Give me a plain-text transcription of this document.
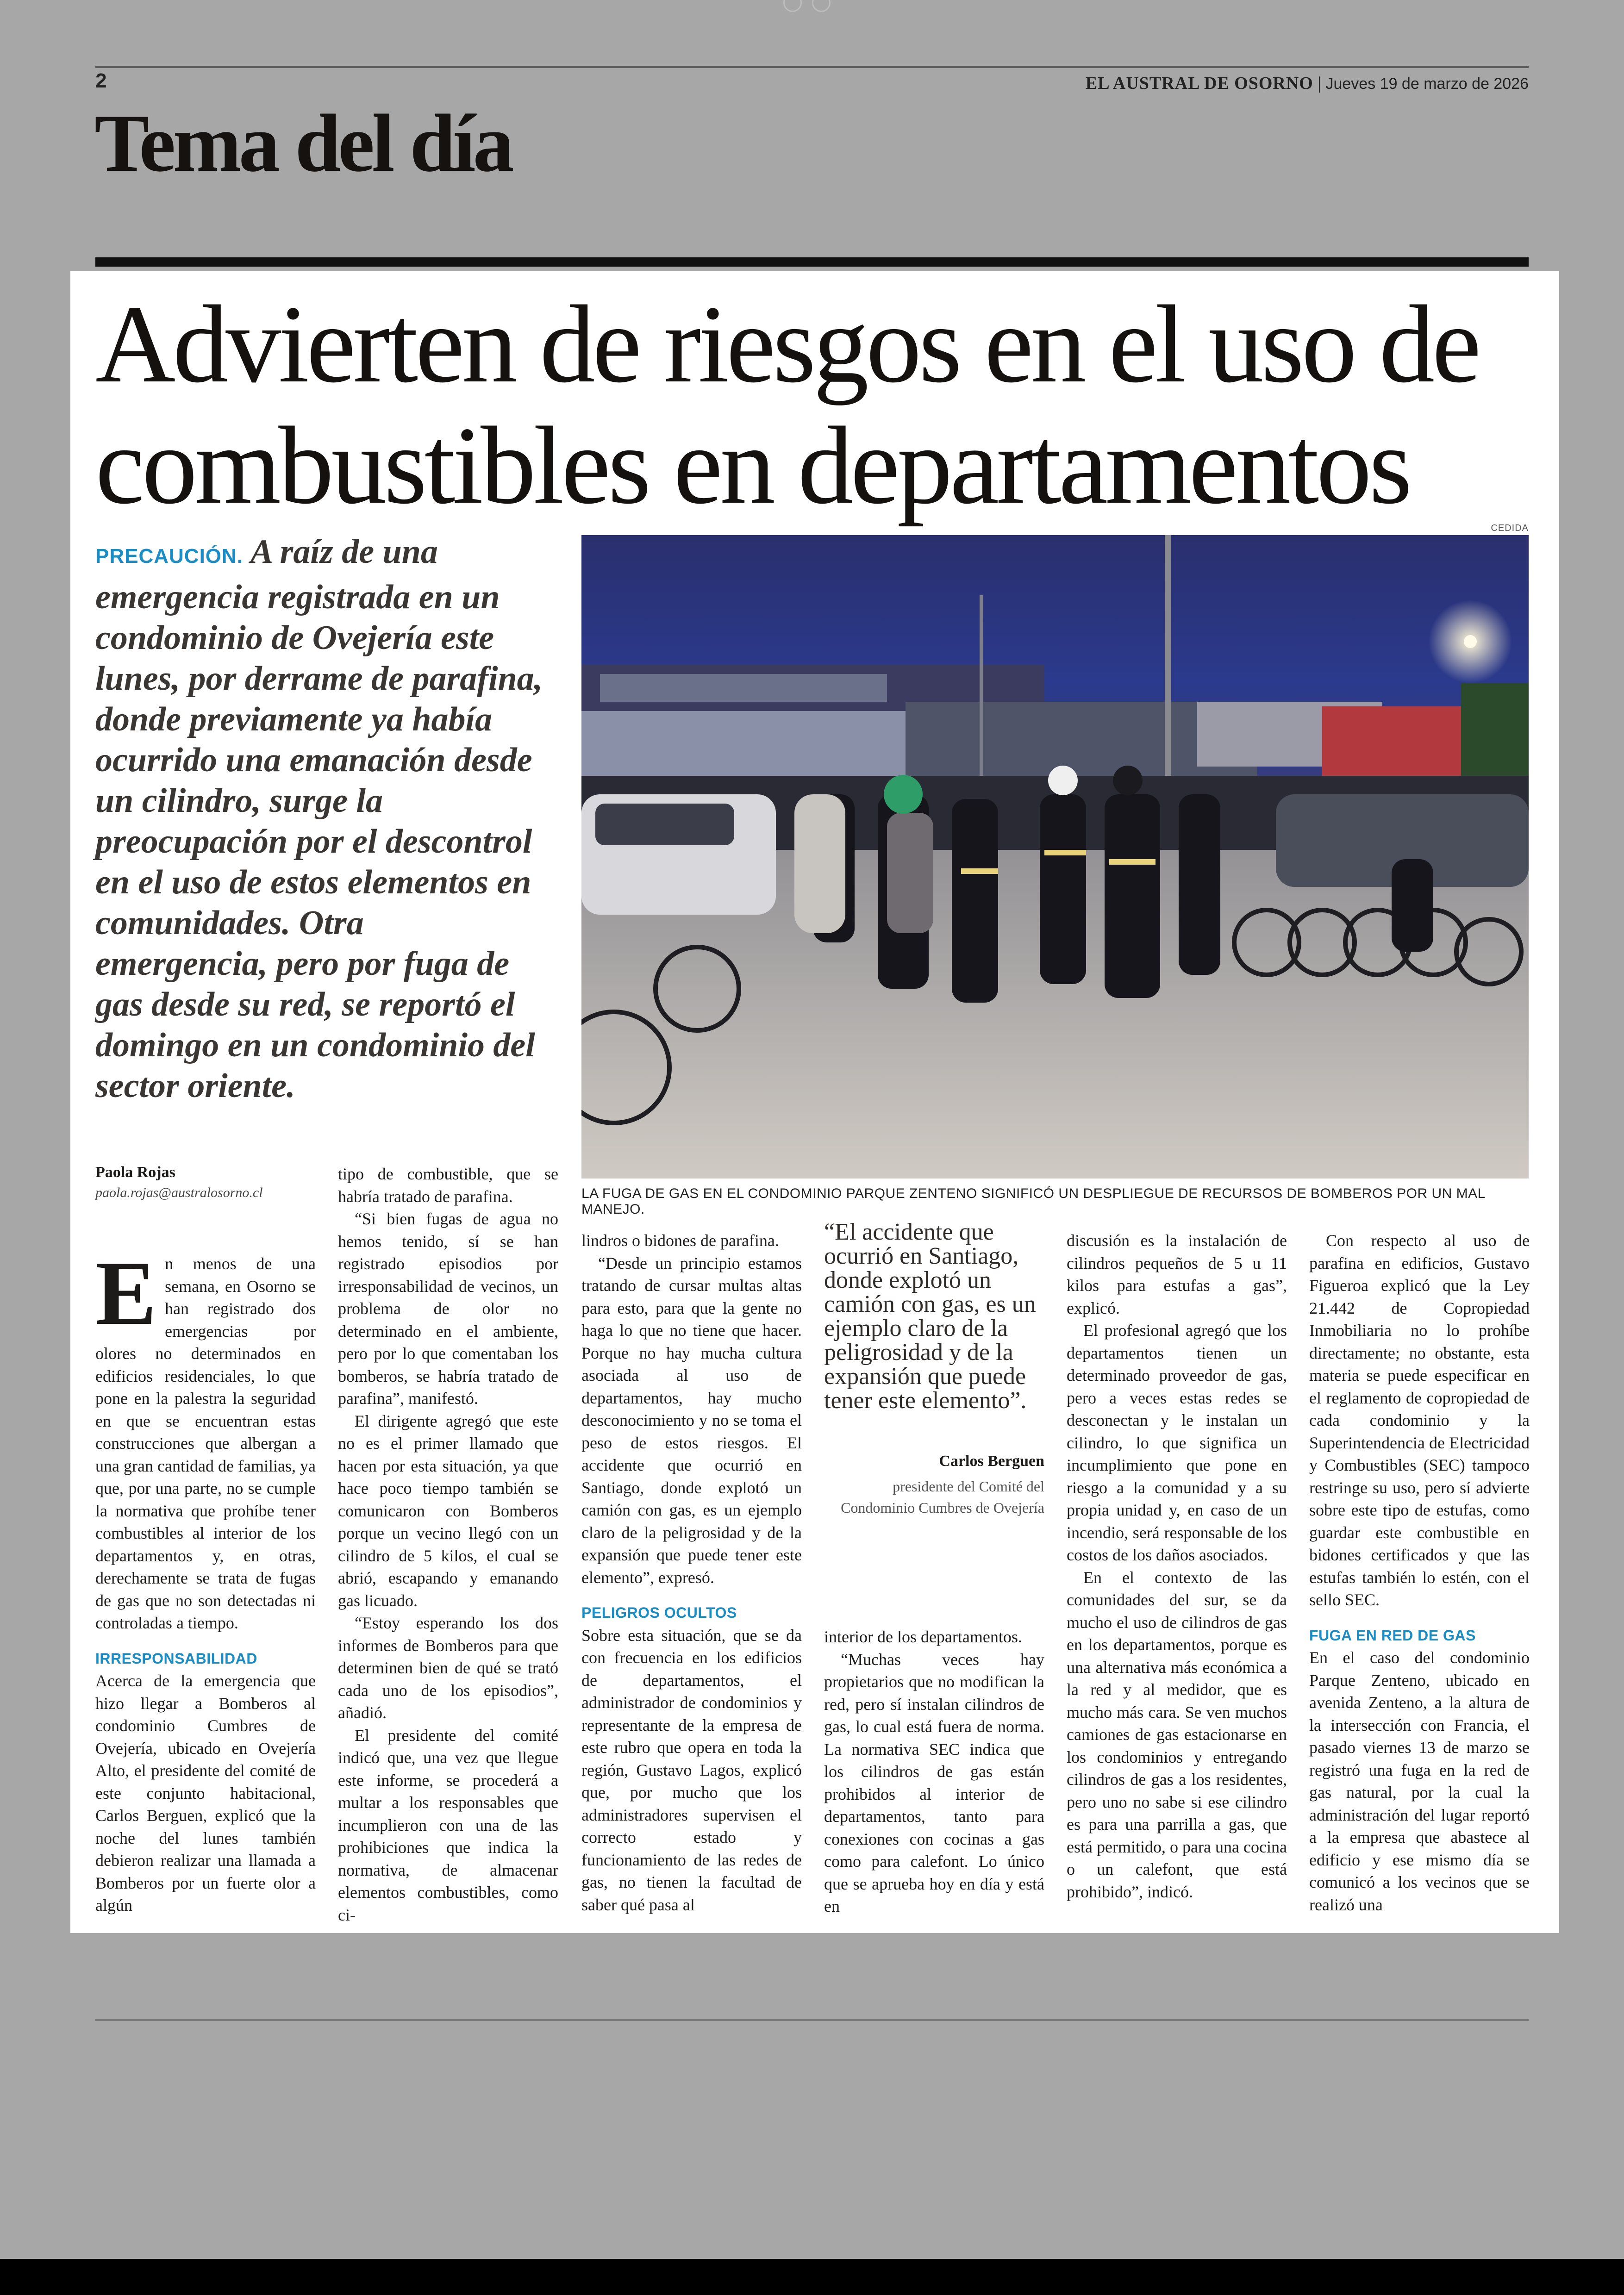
2	EL AUSTRAL DE OSORNO | Jueves 19 de marzo de 2026
Tema del día
Advierten de riesgos en el uso de combustibles en departamentos
PRECAUCIÓN. A raíz de una emergencia registrada en un condominio de Ovejería este lunes, por derrame de parafina, donde previamente ya había ocurrido una emanación desde un cilindro, surge la preocupación por el descontrol en el uso de estos elementos en comunidades. Otra emergencia, pero por fuga de gas desde su red, se reportó el domingo en un condominio del sector oriente.
CEDIDA
LA FUGA DE GAS EN EL CONDOMINIO PARQUE ZENTENO SIGNIFICÓ UN DESPLIEGUE DE RECURSOS DE BOMBEROS POR UN MAL MANEJO.
Paola Rojas
paola.rojas@australosorno.cl

En menos de una semana, en Osorno se han registrado dos emergencias por olores no determinados en edificios residenciales, lo que pone en la palestra la seguridad en que se encuentran estas construcciones que albergan a una gran cantidad de familias, ya que, por una parte, no se cumple la normativa que prohíbe tener combustibles al interior de los departamentos y, en otras, derechamente se trata de fugas de gas que no son detectadas ni controladas a tiempo.

IRRESPONSABILIDAD

Acerca de la emergencia que hizo llegar a Bomberos al condominio Cumbres de Ovejería, ubicado en Ovejería Alto, el presidente del comité de este conjunto habitacional, Carlos Berguen, explicó que la noche del lunes también debieron realizar una llamada a Bomberos por un fuerte olor a algún

tipo de combustible, que se habría tratado de parafina.

“Si bien fugas de agua no hemos tenido, sí se han registrado episodios por irresponsabilidad de vecinos, un problema de olor no determinado en el ambiente, pero por lo que comentaban los bomberos, se habría tratado de parafina”, manifestó.

El dirigente agregó que este no es el primer llamado que hacen por esta situación, ya que hace poco tiempo también se comunicaron con Bomberos porque un vecino llegó con un cilindro de 5 kilos, el cual se abrió, escapando y emanando gas licuado.

“Estoy esperando los dos informes de Bomberos para que determinen bien de qué se trató cada uno de los episodios”, añadió.

El presidente del comité indicó que, una vez que llegue este informe, se procederá a multar a los responsables que incumplieron con una de las prohibiciones que indica la normativa, de almacenar elementos combustibles, como ci-

lindros o bidones de parafina.

“Desde un principio estamos tratando de cursar multas altas para esto, para que la gente no haga lo que no tiene que hacer. Porque no hay mucha cultura asociada al uso de departamentos, hay mucho desconocimiento y no se toma el peso de estos riesgos. El accidente que ocurrió en Santiago, donde explotó un camión con gas, es un ejemplo claro de la peligrosidad y de la expansión que puede tener este elemento”, expresó.

PELIGROS OCULTOS

Sobre esta situación, que se da con frecuencia en los edificios de departamentos, el administrador de condominios y representante de la empresa de este rubro que opera en toda la región, Gustavo Lagos, explicó que, por mucho que los administradores supervisen el correcto estado y funcionamiento de las redes de gas, no tienen la facultad de saber qué pasa al

“El accidente que ocurrió en Santiago, donde explotó un camión con gas, es un ejemplo claro de la peligrosidad y de la expansión que puede tener este elemento”.
Carlos Berguen
presidente del Comité del Condominio Cumbres de Ovejería

interior de los departamentos.

“Muchas veces hay propietarios que no modifican la red, pero sí instalan cilindros de gas, lo cual está fuera de norma. La normativa SEC indica que los cilindros de gas están prohibidos al interior de departamentos, tanto para conexiones con cocinas a gas como para calefont. Lo único que se aprueba hoy en día y está en

discusión es la instalación de cilindros pequeños de 5 u 11 kilos para estufas a gas”, explicó.

El profesional agregó que los departamentos tienen un determinado proveedor de gas, pero a veces estas redes se desconectan y le instalan un cilindro, lo que significa un incumplimiento que pone en riesgo a la comunidad y a su propia unidad y, en caso de un incendio, será responsable de los costos de los daños asociados.

En el contexto de las comunidades del sur, se da mucho el uso de cilindros de gas en los departamentos, porque es una alternativa más económica a la red y al medidor, que es mucho más cara. Se ven muchos camiones de gas estacionarse en los condominios y entregando cilindros de gas a los residentes, pero uno no sabe si ese cilindro es para una parrilla a gas, que está permitido, o para una cocina o un calefont, que está prohibido”, indicó.

Con respecto al uso de parafina en edificios, Gustavo Figueroa explicó que la Ley 21.442 de Copropiedad Inmobiliaria no lo prohíbe directamente; no obstante, esta materia se puede especificar en el reglamento de copropiedad de cada condominio y la Superintendencia de Electricidad y Combustibles (SEC) tampoco restringe su uso, pero sí advierte sobre este tipo de estufas, como guardar este combustible en bidones certificados y que las estufas también lo estén, con el sello SEC.

FUGA EN RED DE GAS

En el caso del condominio Parque Zenteno, ubicado en avenida Zenteno, a la altura de la intersección con Francia, el pasado viernes 13 de marzo se registró una fuga en la red de gas natural, por la cual la administración del lugar reportó a la empresa que abastece al edificio y ese mismo día se comunicó a los vecinos que se realizó una
